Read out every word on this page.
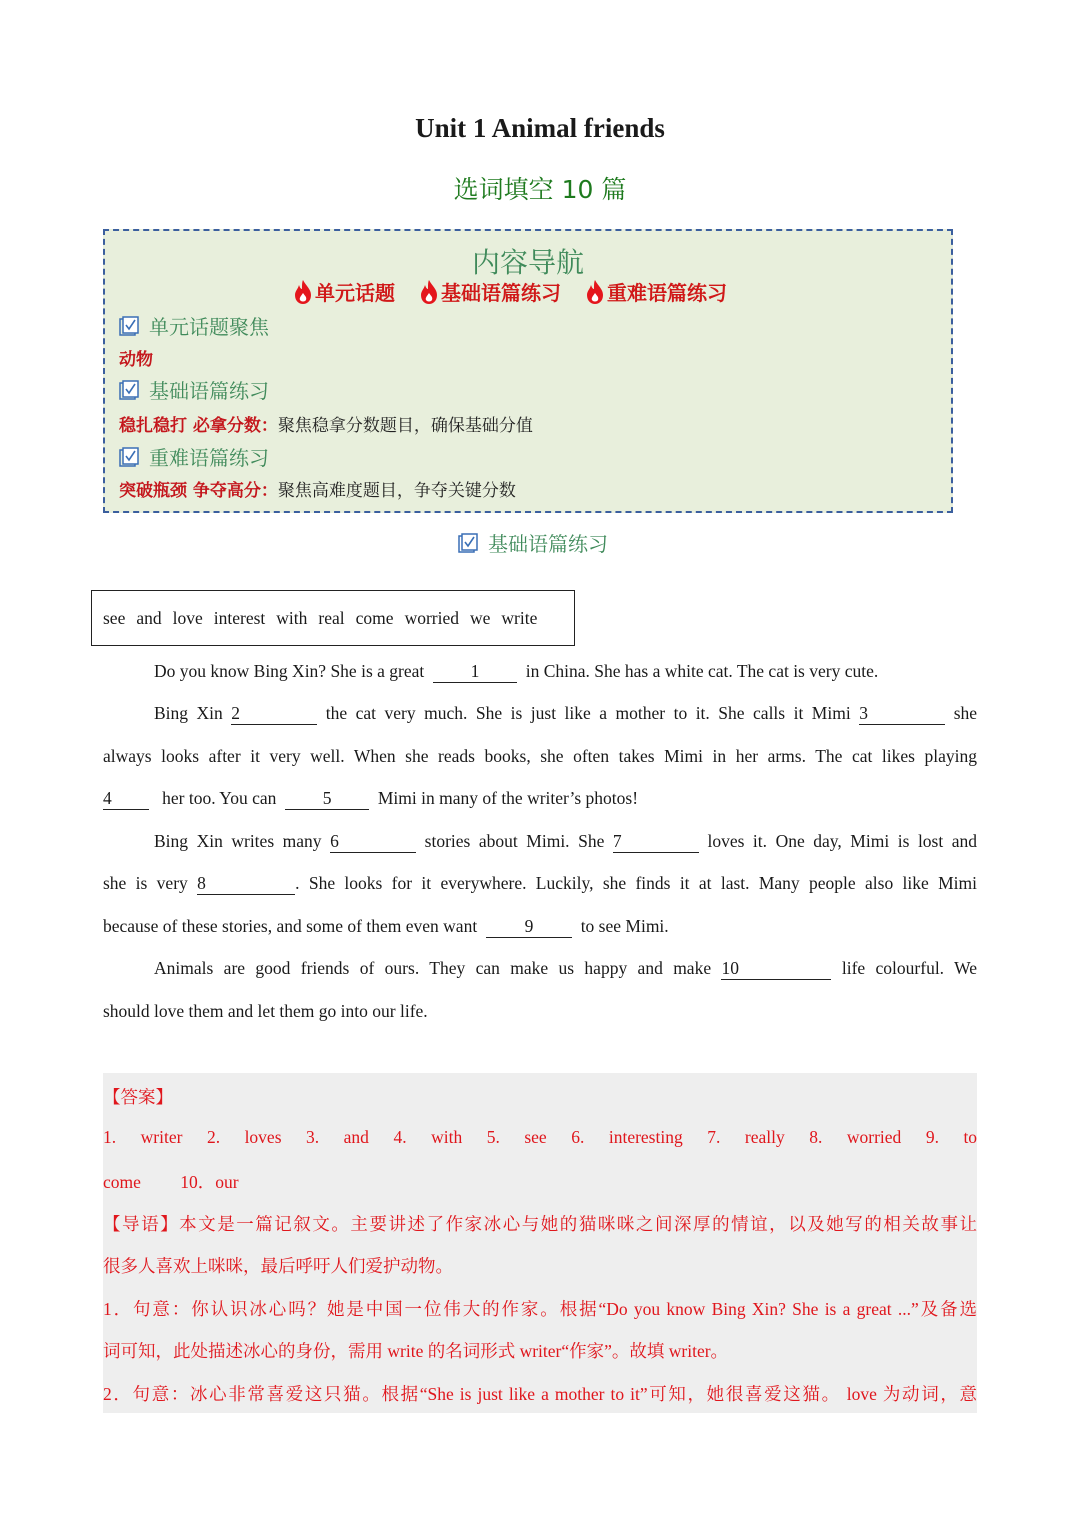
Unit 1 Animal friends
选词填空 10 篇
内容导航
单元话题 基础语篇练习 重难语篇练习
单元话题聚焦
动物
基础语篇练习
稳扎稳打 必拿分数： 聚焦稳拿分数题目，确保基础分值
重难语篇练习
突破瓶颈 争夺高分： 聚焦高难度题目，争夺关键分数
基础语篇练习
see and love interest with real come worried we write
Do you know Bing Xin? She is a great	1	in China. She has a white cat. The cat is very cute.
Bing Xin 2	the cat very much. She is just like a mother to it. She calls it Mimi 3	she
always looks after it very well. When she reads books, she often takes Mimi in her arms. The cat likes playing
4	her too. You can	5	Mimi in many of the writer’s photos!
Bing Xin writes many 6	stories about Mimi. She 7	loves it. One day, Mimi is lost and
she is very 8	. She looks for it everywhere. Luckily, she finds it at last. Many people also like Mimi
because of these stories, and some of them even want	9	to see Mimi.
Animals are good friends of ours. They can make us happy and make 10	life colourful. We
should love them and let them go into our life.
【答案】
1. writer 2. loves 3. and 4. with 5. see 6. interesting 7. really 8. worried 9. to
come 10．our
【导语】本文是一篇记叙文。主要讲述了作家冰心与她的猫咪咪之间深厚的情谊，以及她写的相关故事让
很多人喜欢上咪咪，最后呼吁人们爱护动物。
1．句意：你认识冰心吗？她是中国一位伟大的作家。根据“Do you know Bing Xin? She is a great ...”及备选
词可知，此处描述冰心的身份，需用 write 的名词形式 writer“作家”。故填 writer。
2．句意：冰心非常喜爱这只猫。根据“She is just like a mother to it”可知，她很喜爱这猫。 love 为动词，意
